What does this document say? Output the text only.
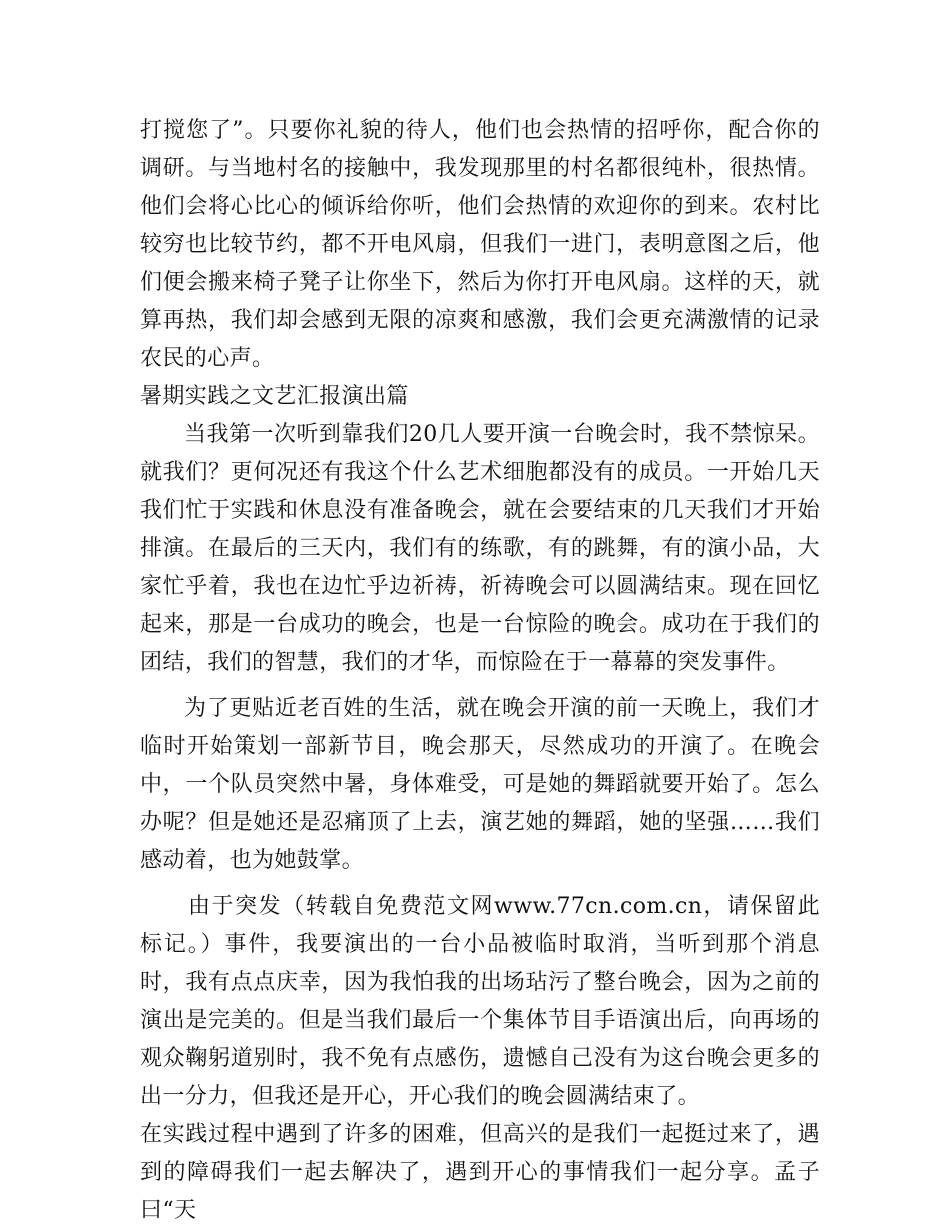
打搅您了”。只要你礼貌的待人，他们也会热情的招呼你，配合你的调研。与当地村名的接触中，我发现那里的村名都很纯朴，很热情。他们会将心比心的倾诉给你听，他们会热情的欢迎你的到来。农村比较穷也比较节约，都不开电风扇，但我们一进门，表明意图之后，他们便会搬来椅子凳子让你坐下，然后为你打开电风扇。这样的天，就算再热，我们却会感到无限的凉爽和感激，我们会更充满激情的记录农民的心声。

暑期实践之文艺汇报演出篇

当我第一次听到靠我们20几人要开演一台晚会时，我不禁惊呆。就我们？更何况还有我这个什么艺术细胞都没有的成员。一开始几天我们忙于实践和休息没有准备晚会，就在会要结束的几天我们才开始排演。在最后的三天内，我们有的练歌，有的跳舞，有的演小品，大家忙乎着，我也在边忙乎边祈祷，祈祷晚会可以圆满结束。现在回忆起来，那是一台成功的晚会，也是一台惊险的晚会。成功在于我们的团结，我们的智慧，我们的才华，而惊险在于一幕幕的突发事件。

为了更贴近老百姓的生活，就在晚会开演的前一天晚上，我们才临时开始策划一部新节目，晚会那天，尽然成功的开演了。在晚会中，一个队员突然中暑，身体难受，可是她的舞蹈就要开始了。怎么办呢？但是她还是忍痛顶了上去，演艺她的舞蹈，她的坚强……我们感动着，也为她鼓掌。

由于突发（转载自免费范文网www.77cn.com.cn，请保留此标记。）事件，我要演出的一台小品被临时取消，当听到那个消息时，我有点点庆幸，因为我怕我的出场玷污了整台晚会，因为之前的演出是完美的。但是当我们最后一个集体节目手语演出后，向再场的观众鞠躬道别时，我不免有点感伤，遗憾自己没有为这台晚会更多的出一分力，但我还是开心，开心我们的晚会圆满结束了。

在实践过程中遇到了许多的困难，但高兴的是我们一起挺过来了，遇到的障碍我们一起去解决了，遇到开心的事情我们一起分享。孟子曰“天
